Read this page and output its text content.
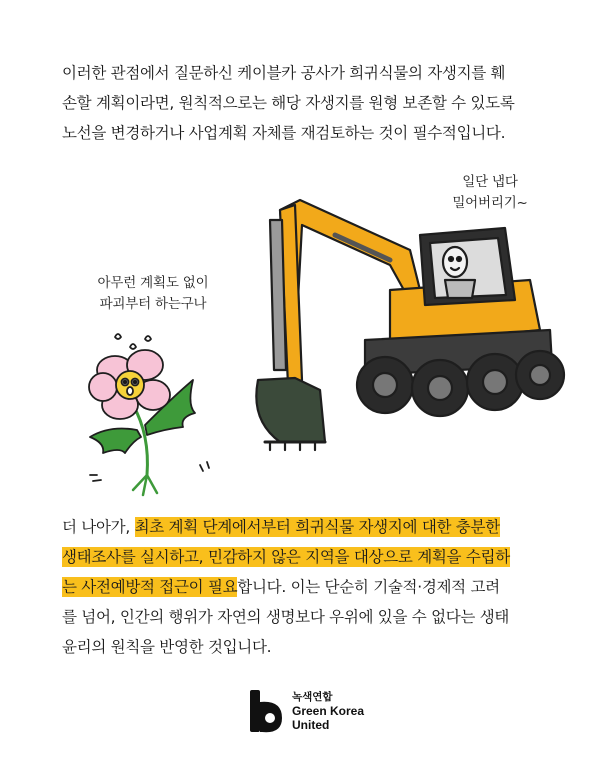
이러한 관점에서 질문하신 케이블카 공사가 희귀식물의 자생지를 훼
손할 계획이라면, 원칙적으로는 해당 자생지를 원형 보존할 수 있도록
노선을 변경하거나 사업계획 자체를 재검토하는 것이 필수적입니다.

일단 냅다
밀어버리기~
아무런 계획도 없이
파괴부터 하는구나

더 나아가, 최초 계획 단계에서부터 희귀식물 자생지에 대한 충분한
생태조사를 실시하고, 민감하지 않은 지역을 대상으로 계획을 수립하
는 사전예방적 접근이 필요합니다. 이는 단순히 기술적·경제적 고려
를 넘어, 인간의 행위가 자연의 생명보다 우위에 있을 수 없다는 생태
윤리의 원칙을 반영한 것입니다.

녹색연합
Green Korea
United
